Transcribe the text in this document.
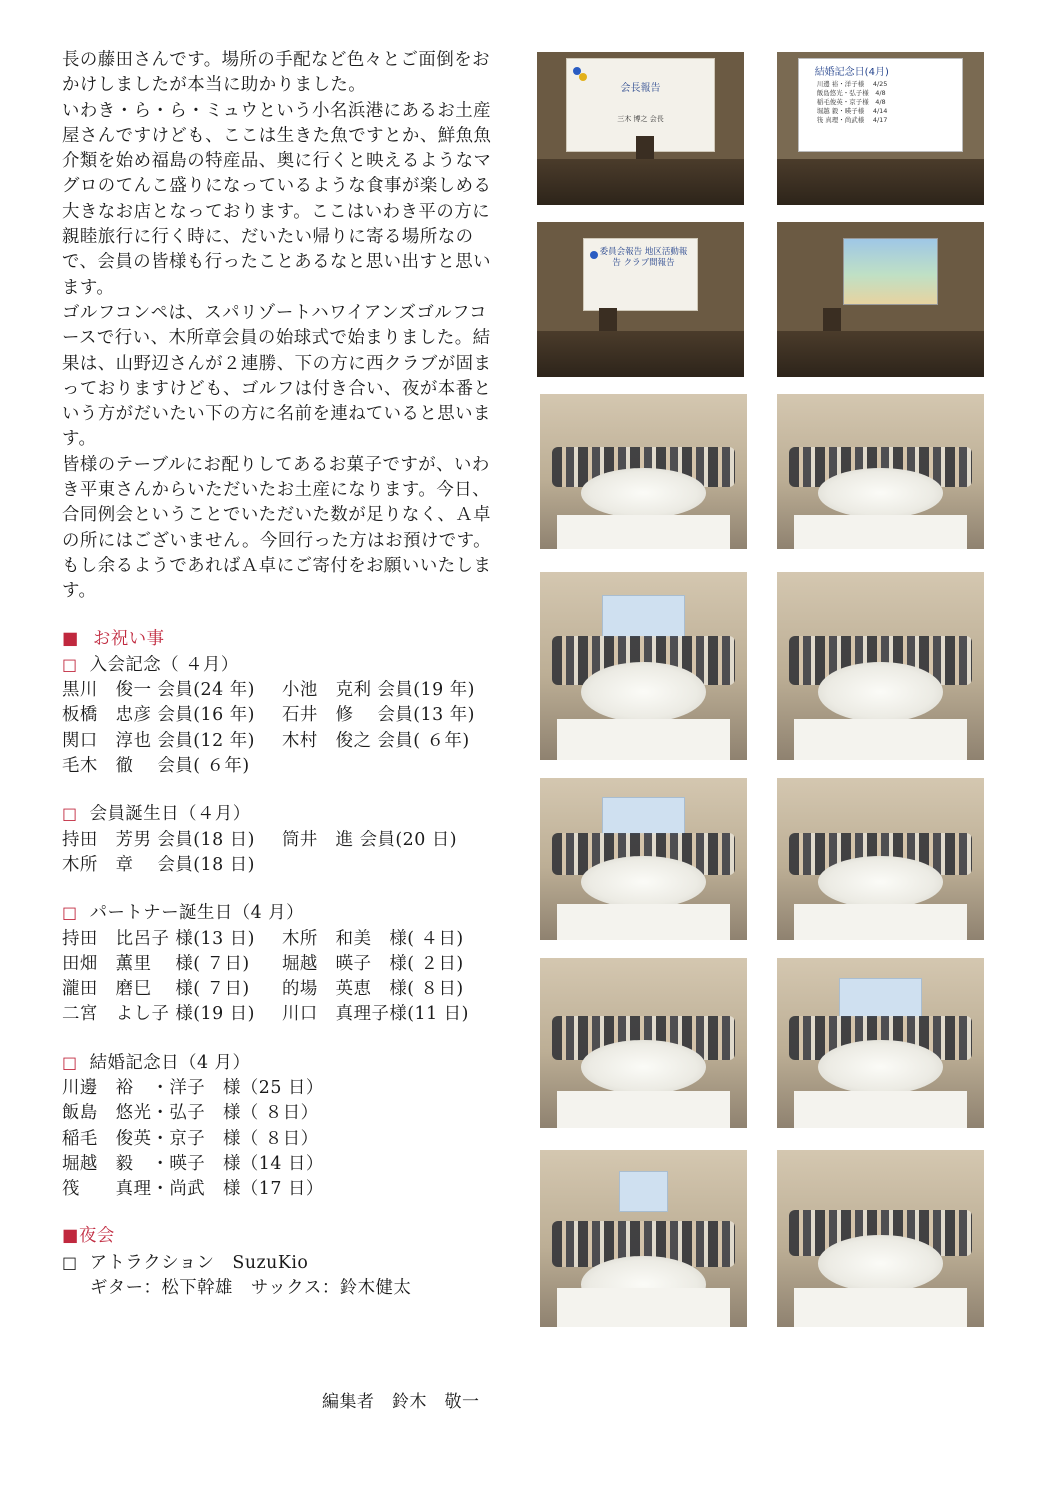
長の藤田さんです。場所の手配など色々とご面倒をおかけしましたが本当に助かりました。

いわき・ら・ら・ミュウという小名浜港にあるお土産屋さんですけども、ここは生きた魚ですとか、鮮魚魚介類を始め福島の特産品、奥に行くと映えるようなマグロのてんこ盛りになっているような食事が楽しめる大きなお店となっております。ここはいわき平の方に親睦旅行に行く時に、だいたい帰りに寄る場所なので、会員の皆様も行ったことあるなと思い出すと思います。

ゴルフコンペは、スパリゾートハワイアンズゴルフコースで行い、木所章会員の始球式で始まりました。結果は、山野辺さんが２連勝、下の方に西クラブが固まっておりますけども、ゴルフは付き合い、夜が本番という方がだいたい下の方に名前を連ねていると思います。

皆様のテーブルにお配りしてあるお菓子ですが、いわき平東さんからいただいたお土産になります。今日、合同例会ということでいただいた数が足りなく、Ａ卓の所にはございません。今回行った方はお預けです。もし余るようであればＡ卓にご寄付をお願いいたします。

■ お祝い事
□ 入会記念（ ４月）
黒川　俊一 会員(24 年)	小池　克利 会員(19 年)
板橋　忠彦 会員(16 年)	石井　修　 会員(13 年)
関口　淳也 会員(12 年)	木村　俊之 会員( ６年)
毛木　徹　 会員( ６年)
□ 会員誕生日（４月）
持田　芳男 会員(18 日)	筒井　進 会員(20 日)
木所　章　 会員(18 日)
□ パートナー誕生日（4 月）
持田　比呂子 様(13 日)	木所　和美　様( ４日)
田畑　薫里　 様( ７日)	堀越　暎子　様( ２日)
瀧田　磨巳　 様( ７日)	的場　英恵　様( ８日)
二宮　よし子 様(19 日)	川口　真理子様(11 日)
□ 結婚記念日（4 月）
川邊　裕　・洋子　様（25 日）
飯島　悠光・弘子　様（ ８日）
稲毛　俊英・京子　様（ ８日）
堀越　毅　・暎子　様（14 日）
筏　　真理・尚武　様（17 日）
■夜会
□ アトラクション　SuzuKio
ギター：松下幹雄　サックス：鈴木健太
会長報告
三木 博之 会長
結婚記念日(4月)
川邊 裕・洋子様　 4/25
飯島悠光・弘子様　4/8
稲毛俊英・京子様　4/8
堀越 毅・暎子様　 4/14
筏 真理・尚武様　 4/17
委員会報告 地区活動報告 クラブ間報告
編集者　鈴木　敬一
